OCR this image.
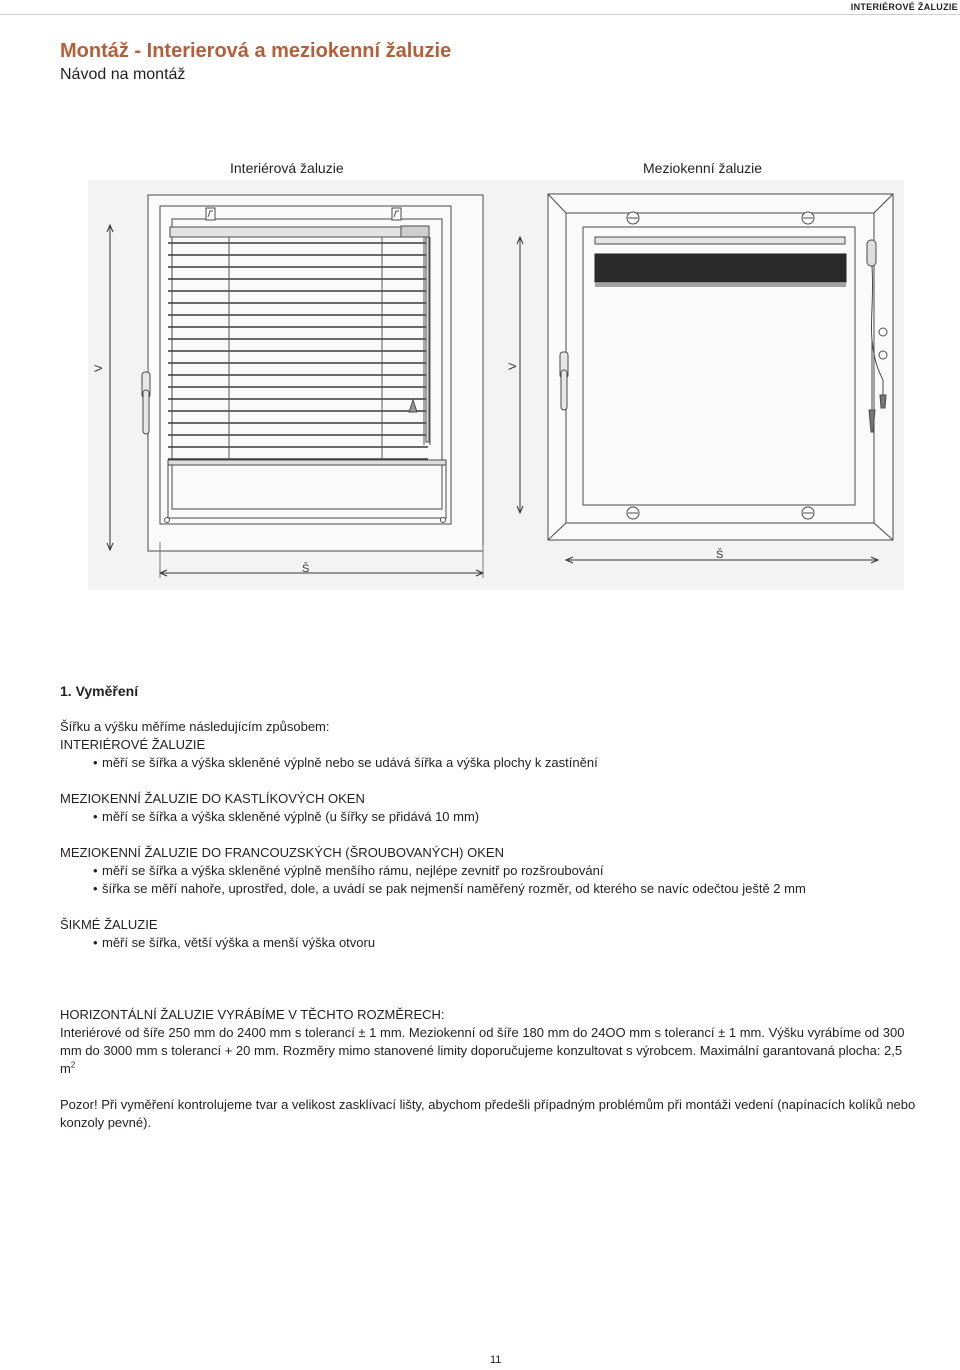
INTERIÉROVÉ ŽALUZIE
Montáž - Interierová a meziokenní žaluzie
Návod na montáž
Interiérová žaluzie	Meziokenní žaluzie
V
Š
V
Š

1. Vyměření

Šířku a výšku měříme následujícím způsobem:

INTERIÉROVÉ ŽALUZIE

• měří se šířka a výška skleněné výplně nebo se udává šířka a výška plochy k zastínění

MEZIOKENNÍ ŽALUZIE DO KASTLÍKOVÝCH OKEN

• měří se šířka a výška skleněné výplně (u šířky se přidává 10 mm)

MEZIOKENNÍ ŽALUZIE DO FRANCOUZSKÝCH (ŠROUBOVANÝCH) OKEN

• měří se šířka a výška skleněné výplně menšího rámu, nejlépe zevnitř po rozšroubování

• šířka se měří nahoře, uprostřed, dole, a uvádí se pak nejmenší naměřený rozměr, od kterého se navíc odečtou ještě 2 mm

ŠIKMÉ ŽALUZIE

• měří se šířka, větší výška a menší výška otvoru

HORIZONTÁLNÍ ŽALUZIE VYRÁBÍME V TĚCHTO ROZMĚRECH:

Interiérové od šíře 250 mm do 2400 mm s tolerancí ± 1 mm. Meziokenní od šíře 180 mm do 24OO mm s tolerancí ± 1 mm. Výšku vyrábíme od 300 mm do 3000 mm s tolerancí + 20 mm. Rozměry mimo stanovené limity doporučujeme konzultovat s výrobcem. Maximální garantovaná plocha: 2,5 $m^2$

Pozor! Při vyměření kontrolujeme tvar a velikost zasklívací lišty, abychom předešli případným problémům při montáži vedení (napínacích kolíků nebo konzoly pevné).

11
